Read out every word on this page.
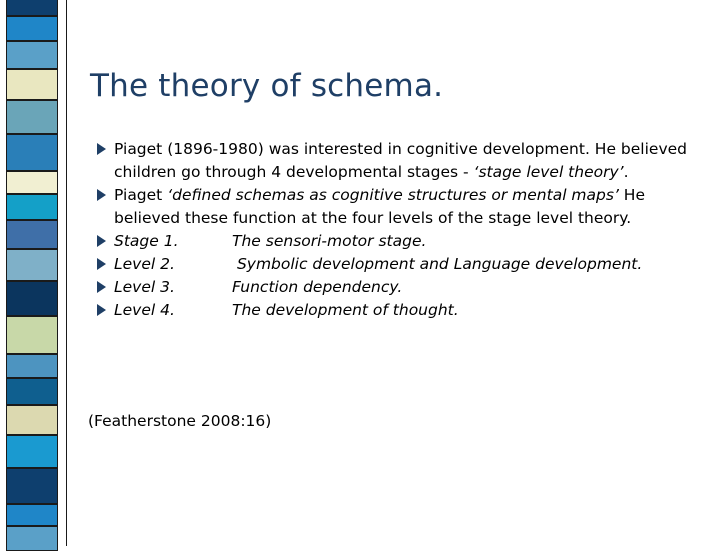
The theory of schema.
Piaget (1896-1980) was interested in cognitive development. He believed children go through 4 developmental stages - ‘stage level theory’.
Piaget ‘defined schemas as cognitive structures or mental maps’ He believed these function at the four levels of the stage level theory.
Stage 1.	The sensori-motor stage.
Level 2.	Symbolic development and Language development.
Level 3.	Function dependency.
Level 4.	The development of thought.
(Featherstone 2008:16)
